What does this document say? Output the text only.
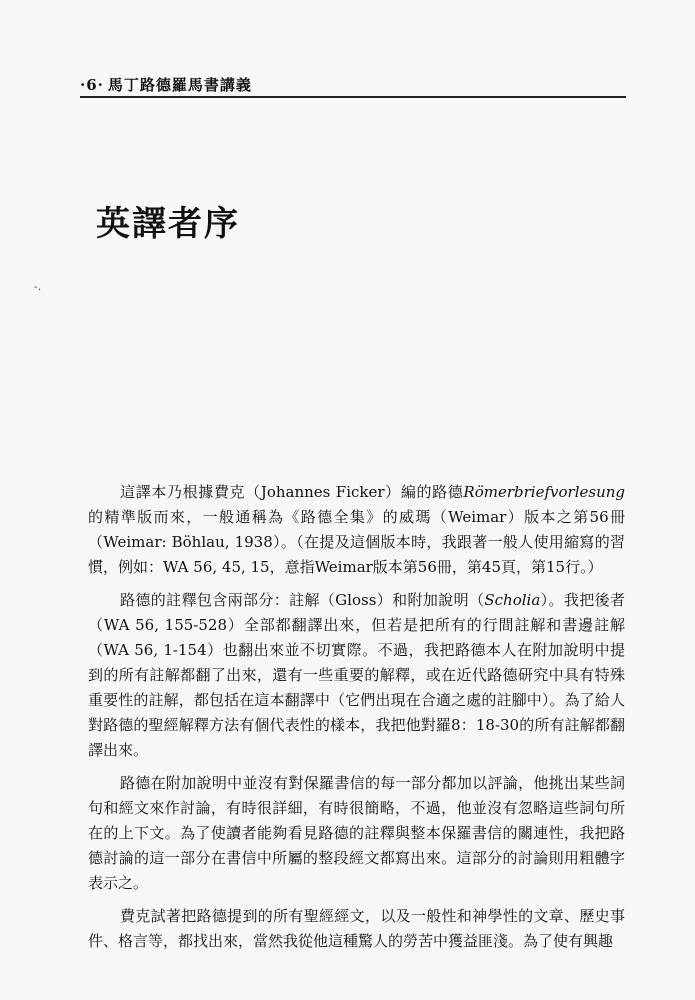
·6· 馬丁路德羅馬書講義
英譯者序
-.

這譯本乃根據費克（Johannes Ficker）編的路德Römerbriefvorlesung的精準版而來，一般通稱為《路德全集》的威瑪（Weimar）版本之第56冊（Weimar: Böhlau, 1938）。（在提及這個版本時，我跟著一般人使用縮寫的習慣，例如：WA 56, 45, 15，意指Weimar版本第56冊，第45頁，第15行。）

路德的註釋包含兩部分：註解（Gloss）和附加說明（Scholia）。我把後者（WA 56, 155-528）全部都翻譯出來，但若是把所有的行間註解和書邊註解（WA 56, 1-154）也翻出來並不切實際。不過，我把路德本人在附加說明中提到的所有註解都翻了出來，還有一些重要的解釋，或在近代路德研究中具有特殊重要性的註解，都包括在這本翻譯中（它們出現在合適之處的註腳中）。為了給人對路德的聖經解釋方法有個代表性的樣本，我把他對羅8：18-30的所有註解都翻譯出來。

路德在附加說明中並沒有對保羅書信的每一部分都加以評論，他挑出某些詞句和經文來作討論，有時很詳細，有時很簡略，不過，他並沒有忽略這些詞句所在的上下文。為了使讀者能夠看見路德的註釋與整本保羅書信的關連性，我把路德討論的這一部分在書信中所屬的整段經文都寫出來。這部分的討論則用粗體字表示之。

費克試著把路德提到的所有聖經經文，以及一般性和神學性的文章、歷史事件、格言等，都找出來，當然我從他這種驚人的勞苦中獲益匪淺。為了使有興趣
